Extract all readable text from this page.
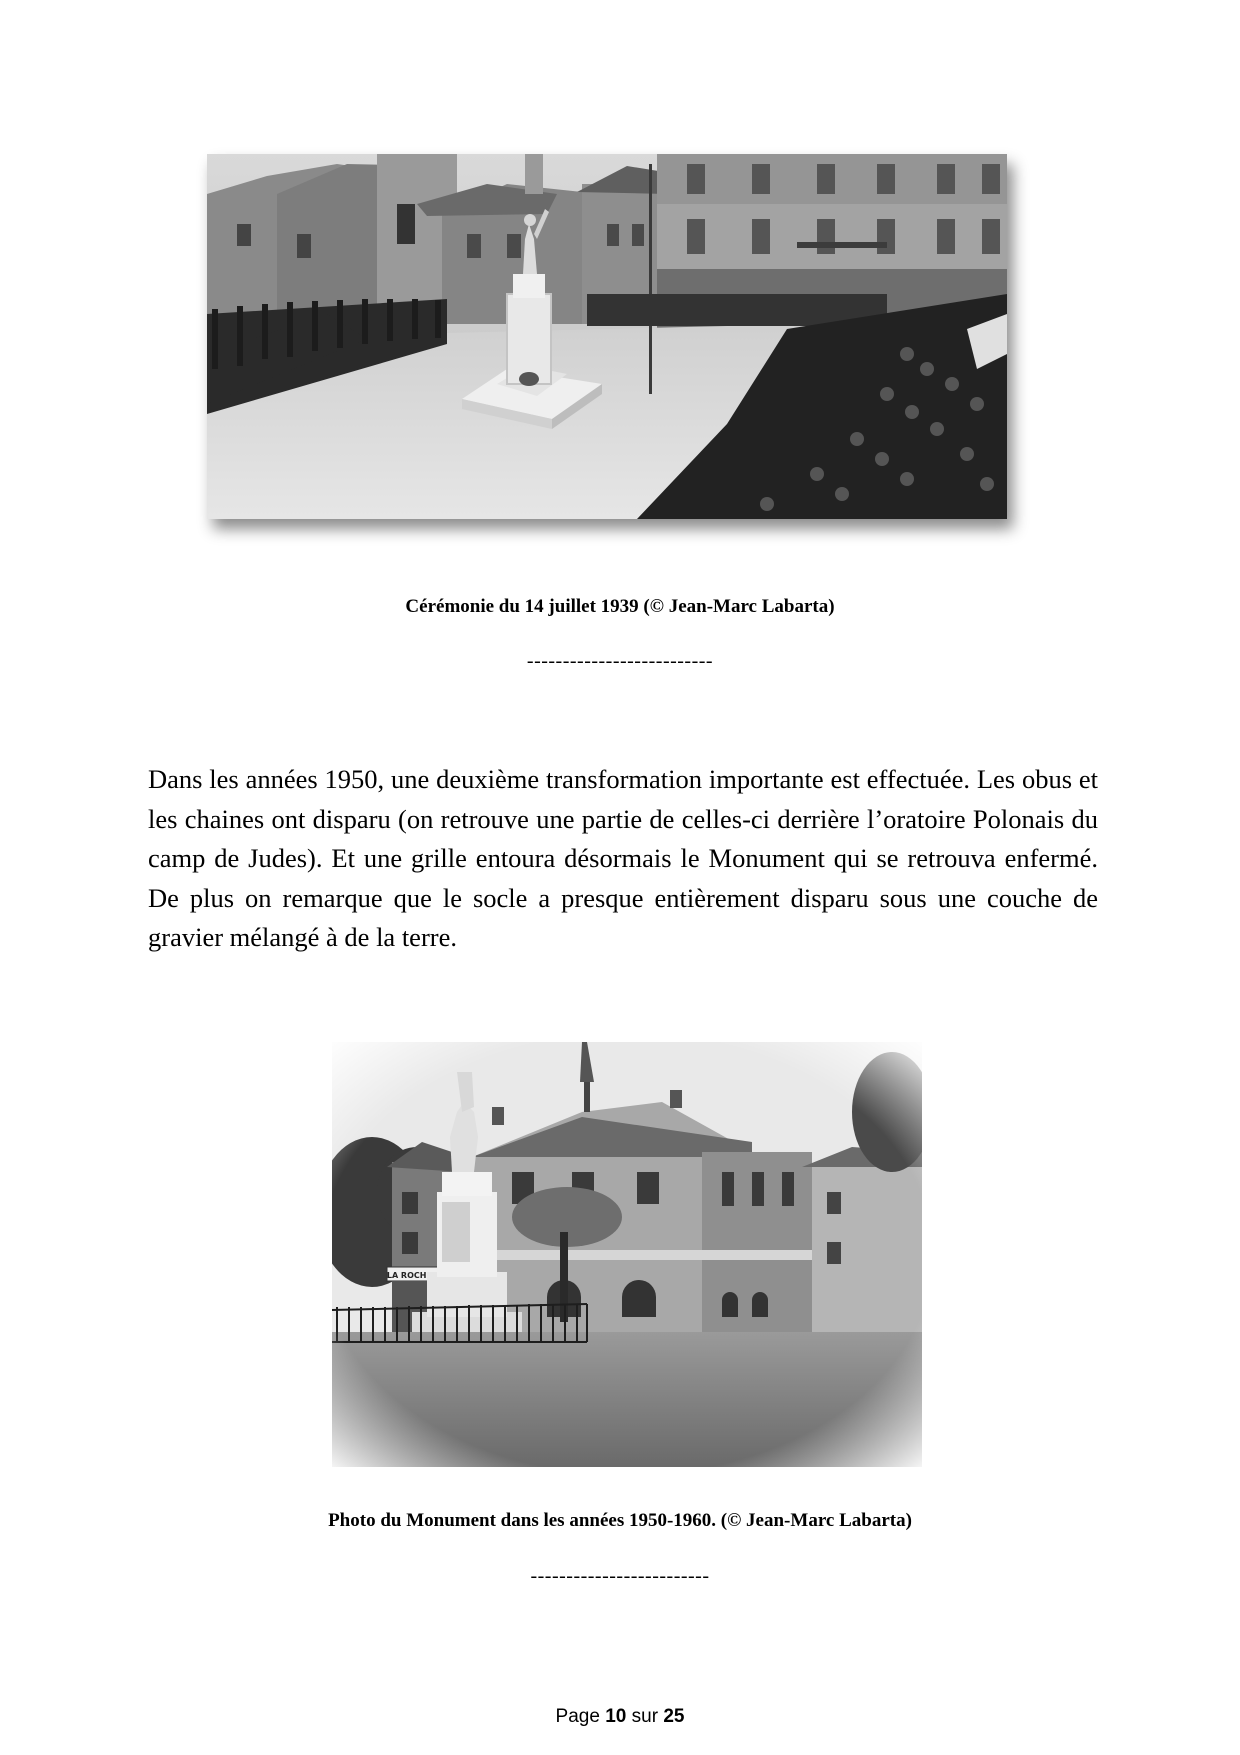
Cérémonie du 14 juillet 1939 (© Jean-Marc Labarta)
--------------------------

Dans les années 1950, une deuxième transformation importante est effectuée. Les obus et les chaines ont disparu (on retrouve une partie de celles-ci derrière l’oratoire Polonais du camp de Judes). Et une grille entoura désormais le Monument qui se retrouva enfermé. De plus on remarque que le socle a presque entièrement disparu sous une couche de gravier mélangé à de la terre.

Photo du Monument dans les années 1950-1960. (© Jean-Marc Labarta)
-------------------------
Page 10 sur 25
